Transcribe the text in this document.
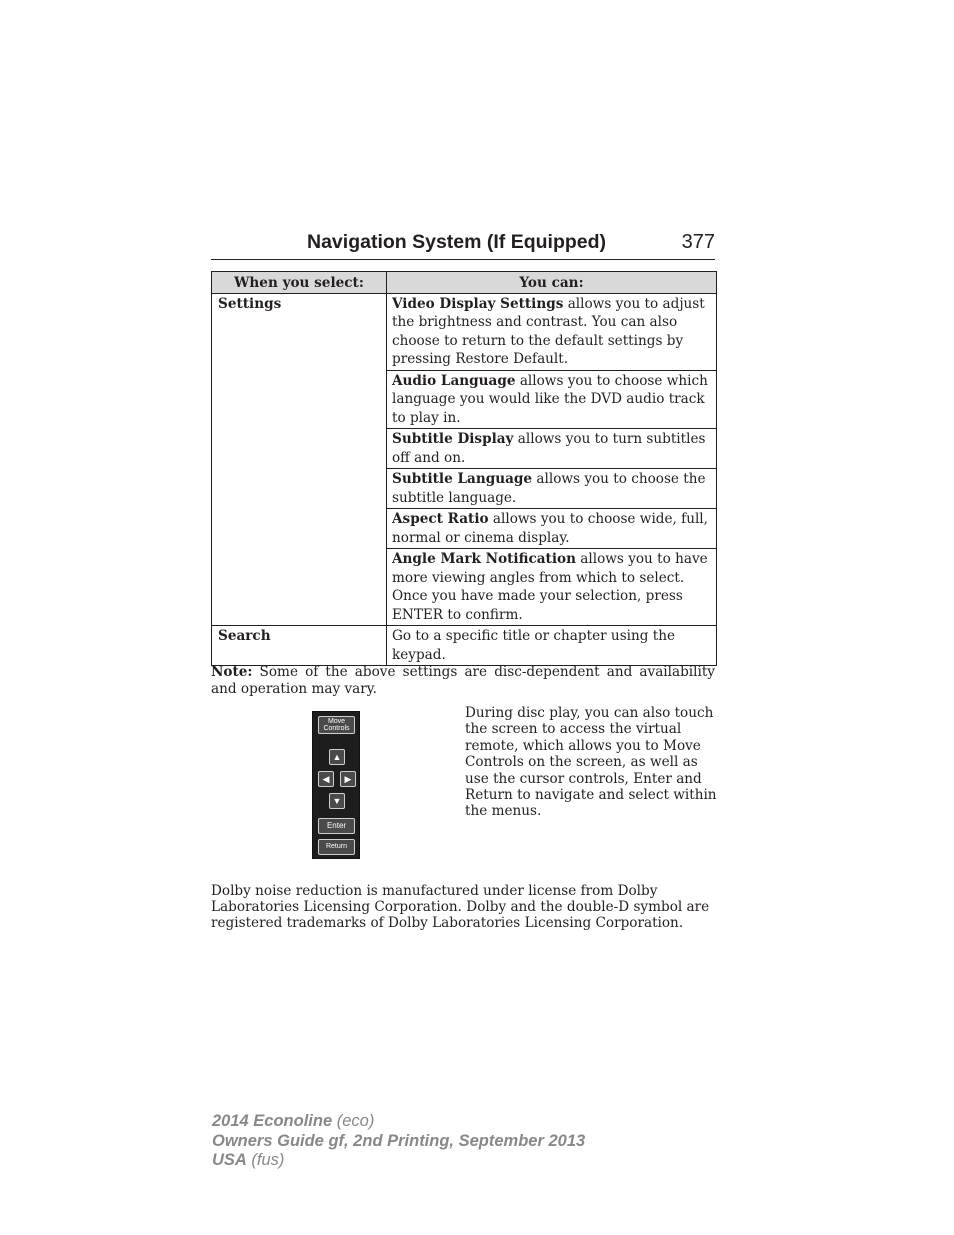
Navigation System (If Equipped)	377
When you select:	You can:
Settings	Video Display Settings allows you to adjust the brightness and contrast. You can also choose to return to the default settings by pressing Restore Default.
	Audio Language allows you to choose which language you would like the DVD audio track to play in.
	Subtitle Display allows you to turn subtitles off and on.
	Subtitle Language allows you to choose the subtitle language.
	Aspect Ratio allows you to choose wide, full, normal or cinema display.
	Angle Mark Notification allows you to have more viewing angles from which to select. Once you have made your selection, press ENTER to confirm.
Search	Go to a specific title or chapter using the keypad.
Note: Some of the above settings are disc-dependent and availability and operation may vary.
Move
Controls
▲
◀	▶
▼
Enter
Return
During disc play, you can also touch the screen to access the virtual remote, which allows you to Move Controls on the screen, as well as use the cursor controls, Enter and Return to navigate and select within the menus.
Dolby noise reduction is manufactured under license from Dolby Laboratories Licensing Corporation. Dolby and the double-D symbol are registered trademarks of Dolby Laboratories Licensing Corporation.
2014 Econoline (eco)
Owners Guide gf, 2nd Printing, September 2013
USA (fus)
